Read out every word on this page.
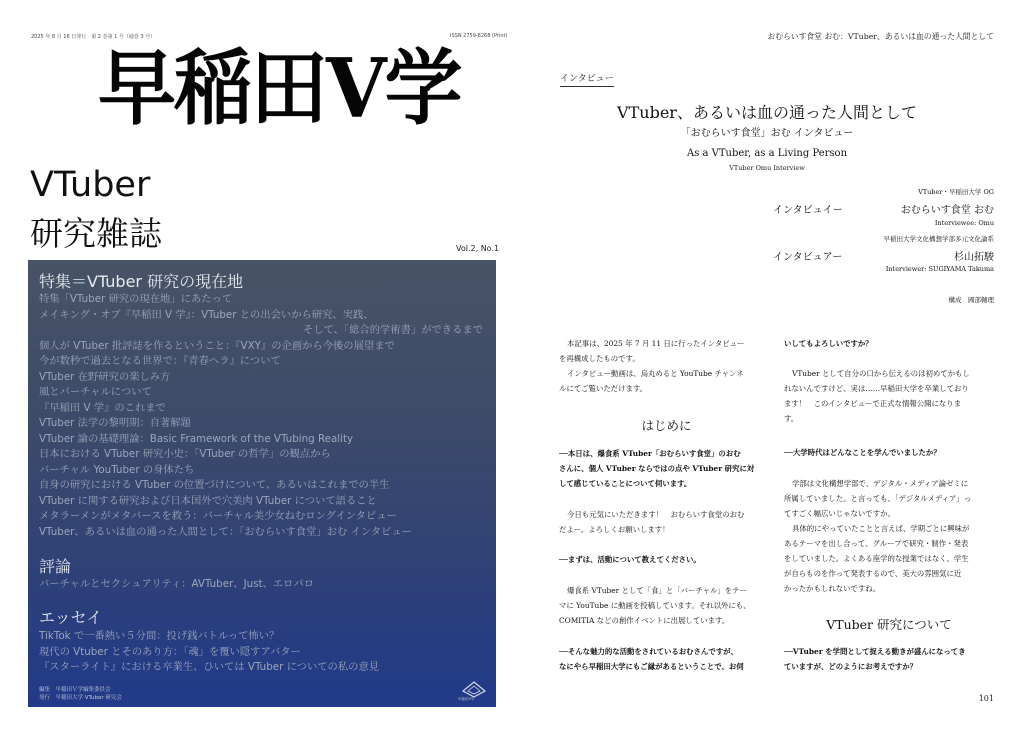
2025 年 8 月 16 日発行　第 2 巻第 1 号（通巻 3 号）	ISSN 2759-8268 (Print)
早稲田V学
VTuber
研究雑誌	Vol.2, No.1
特集＝VTuber 研究の現在地
特集「VTuber 研究の現在地」にあたって
メイキング・オブ『早稲田 V 学』：VTuber との出会いから研究、実践、
そして、「総合的学術書」ができるまで
個人が VTuber 批評誌を作るということ：『VXY』の企画から今後の展望まで
今が数秒で過去となる世界で：『青春ヘラ』について
VTuber 在野研究の楽しみ方
風とバーチャルについて
『早稲田 V 学』のこれまで
VTuber 法学の黎明期：自著解題
VTuber 論の基礎理論：Basic Framework of the VTubing Reality
日本における VTuber 研究小史：「VTuber の哲学」の観点から
バーチャル YouTuber の身体たち
自身の研究における VTuber の位置づけについて、あるいはこれまでの半生
VTuber に関する研究および日本国外で穴美肉 VTuber について語ること
メタラーメンがメタバースを救う：バーチャル美少女ねむロングインタビュー
VTuber、あるいは血の通った人間として：「おむらいす食堂」おむ インタビュー
評論
バーチャルとセクシュアリティ：AVTuber、Just、エロパロ
エッセイ
TikTok で一番熱い５分間：投げ銭バトルって怖い？
現代の Vtuber とそのあり方：「魂」を覆い隠すアバター
『スターライト』における卒業生、ひいては VTuber についての私の意見
編集　早稲田Ｖ学編集委員会
発行　早稲田大学 VTuber 研究会	早稲田V学
おむらいす食堂 おむ：VTuber、あるいは血の通った人間として
インタビュー
VTuber、あるいは血の通った人間として
「おむらいす食堂」おむ インタビュー
As a VTuber, as a Living Person
VTuber Omu Interview
VTuber・早稲田大学 OG
インタビュイー	おむらいす食堂 おむ
Interviewee: Omu
早稲田大学文化構想学部多元文化論系
インタビュアー	杉山拓駿
Interviewer: SUGIYAMA Takuma
構成　國部輔理
本記事は、2025 年 7 月 11 日に行ったインタビュー
を再構成したものです。
インタビュー動画は、烏丸めると YouTube チャンネ
ルにてご覧いただけます。
はじめに
──本日は、爆食系 VTuber「おむらいす食堂」のおむ
さんに、個人 VTuber ならではの点や VTuber 研究に対
して感じていることについて伺います。
今日も元気にいただきます！　おむらいす食堂のおむ
だよー。よろしくお願いします！
──まずは、活動について教えてください。
爆食系 VTuber として「食」と「バーチャル」をテー
マに YouTube に動画を投稿しています。それ以外にも、
COMITIA などの創作イベントに出展しています。
──そんな魅力的な活動をされているおむさんですが、
なにやら早稲田大学にもご縁があるということで、お伺
いしてもよろしいですか？
VTuber として自分の口から伝えるのは初めてかもし
れないんですけど、実は……早稲田大学を卒業しており
ます！　このインタビューで正式な情報公開になりま
す。
──大学時代はどんなことを学んでいましたか？
学部は文化構想学部で、デジタル・メディア論ゼミに
所属していました。と言っても、「デジタルメディア」っ
てすごく幅広いじゃないですか。
具体的にやっていたことと言えば、学期ごとに興味が
あるテーマを出し合って、グループで研究・制作・発表
をしていました。よくある座学的な授業ではなく、学生
が自らものを作って発表するので、美大の雰囲気に近
かったかもしれないですね。
VTuber 研究について
──VTuber を学問として捉える動きが盛んになってき
ていますが、どのようにお考えですか？
101
